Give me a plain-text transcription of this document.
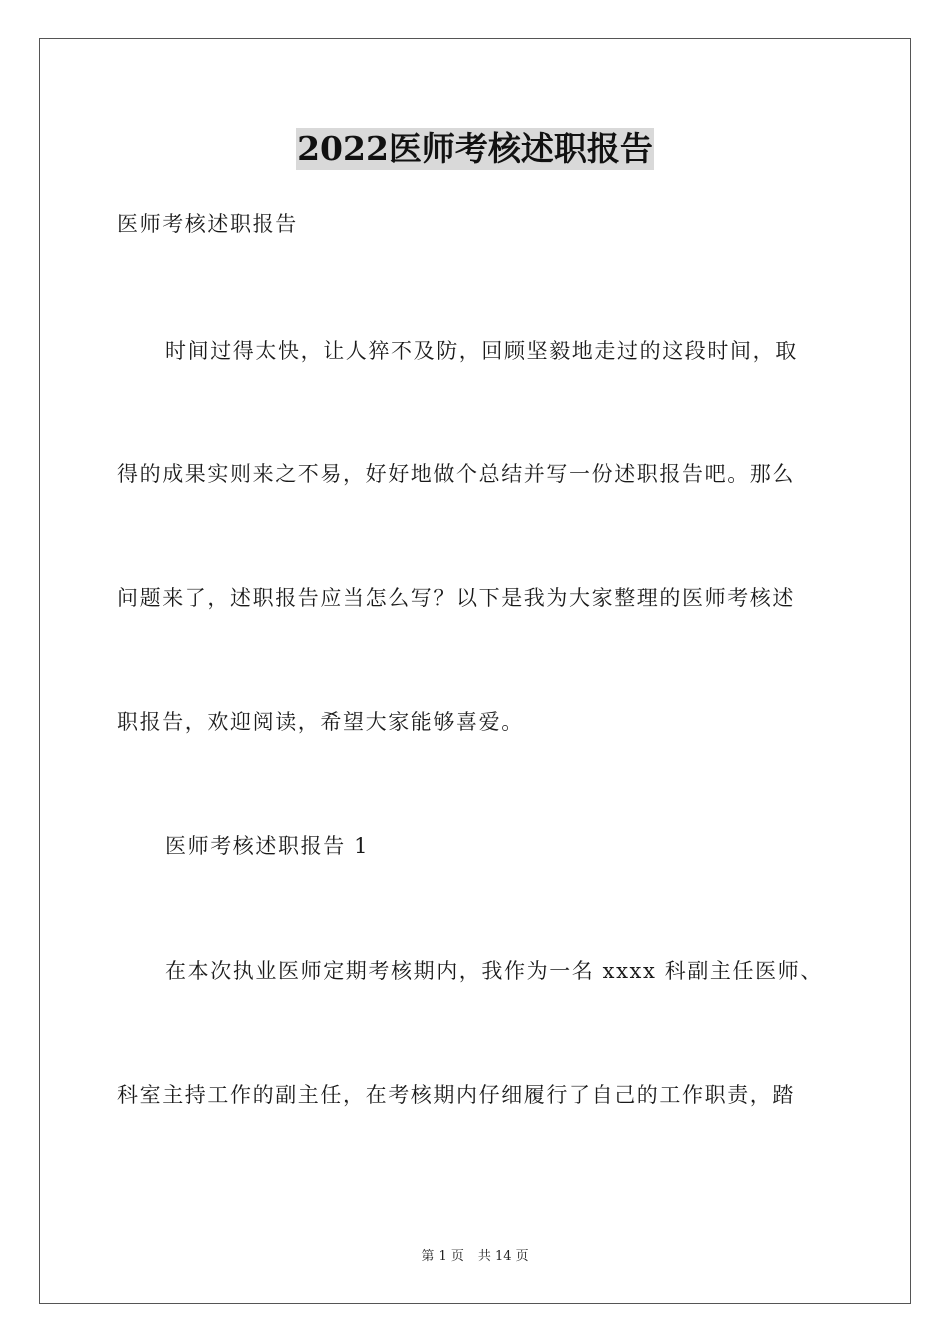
2022医师考核述职报告
医师考核述职报告
时间过得太快，让人猝不及防，回顾坚毅地走过的这段时间，取
得的成果实则来之不易，好好地做个总结并写一份述职报告吧。那么
问题来了，述职报告应当怎么写？以下是我为大家整理的医师考核述
职报告，欢迎阅读，希望大家能够喜爱。
医师考核述职报告 1
在本次执业医师定期考核期内，我作为一名 xxxx 科副主任医师、
科室主持工作的副主任，在考核期内仔细履行了自己的工作职责，踏
第 1 页 共 14 页
